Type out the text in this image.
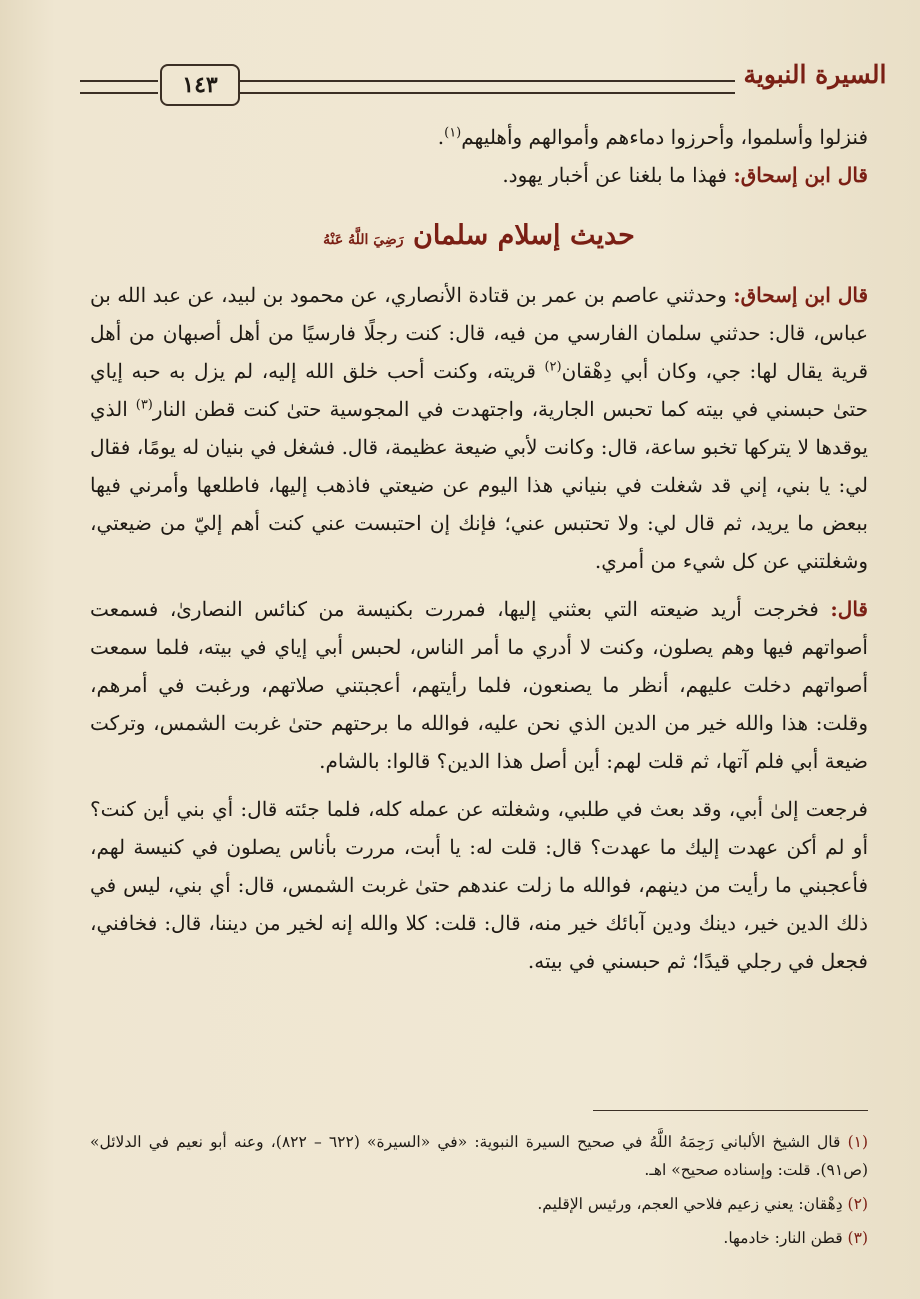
١٤٣	السيرة النبوية

فنزلوا وأسلموا، وأحرزوا دماءهم وأموالهم وأهليهم$^{(١)}$.

قال ابن إسحاق: فهذا ما بلغنا عن أخبار يهود.

حديث إسلام سلمان رَضِيَ اللَّهُ عَنْهُ

قال ابن إسحاق: وحدثني عاصم بن عمر بن قتادة الأنصاري، عن محمود بن لبيد، عن عبد الله بن عباس، قال: حدثني سلمان الفارسي من فيه، قال: كنت رجلًا فارسيًا من أهل أصبهان من أهل قرية يقال لها: جي، وكان أبي دِهْقان$^{(٢)}$ قريته، وكنت أحب خلق الله إليه، لم يزل به حبه إياي حتىٰ حبسني في بيته كما تحبس الجارية، واجتهدت في المجوسية حتىٰ كنت قطن النار$^{(٣)}$ الذي يوقدها لا يتركها تخبو ساعة، قال: وكانت لأبي ضيعة عظيمة، قال. فشغل في بنيان له يومًا، فقال لي: يا بني، إني قد شغلت في بنياني هذا اليوم عن ضيعتي فاذهب إليها، فاطلعها وأمرني فيها ببعض ما يريد، ثم قال لي: ولا تحتبس عني؛ فإنك إن احتبست عني كنت أهم إليّ من ضيعتي، وشغلتني عن كل شيء من أمري.

قال: فخرجت أريد ضيعته التي بعثني إليها، فمررت بكنيسة من كنائس النصارىٰ، فسمعت أصواتهم فيها وهم يصلون، وكنت لا أدري ما أمر الناس، لحبس أبي إياي في بيته، فلما سمعت أصواتهم دخلت عليهم، أنظر ما يصنعون، فلما رأيتهم، أعجبتني صلاتهم، ورغبت في أمرهم، وقلت: هذا والله خير من الدين الذي نحن عليه، فوالله ما برحتهم حتىٰ غربت الشمس، وتركت ضيعة أبي فلم آتها، ثم قلت لهم: أين أصل هذا الدين؟ قالوا: بالشام.

فرجعت إلىٰ أبي، وقد بعث في طلبي، وشغلته عن عمله كله، فلما جئته قال: أي بني أين كنت؟ أو لم أكن عهدت إليك ما عهدت؟ قال: قلت له: يا أبت، مررت بأناس يصلون في كنيسة لهم، فأعجبني ما رأيت من دينهم، فوالله ما زلت عندهم حتىٰ غربت الشمس، قال: أي بني، ليس في ذلك الدين خير، دينك ودين آبائك خير منه، قال: قلت: كلا والله إنه لخير من ديننا، قال: فخافني، فجعل في رجلي قيدًا؛ ثم حبسني في بيته.

(١) قال الشيخ الألباني رَحِمَهُ اللَّهُ في صحيح السيرة النبوية: «في «السيرة» (٦٢٢ – ٨٢٢)، وعنه أبو نعيم في الدلائل» (ص٩١). قلت: وإسناده صحيح» اهـ.

(٢) دِهْقان: يعني زعيم فلاحي العجم، ورئيس الإقليم.

(٣) قطن النار: خادمها.
